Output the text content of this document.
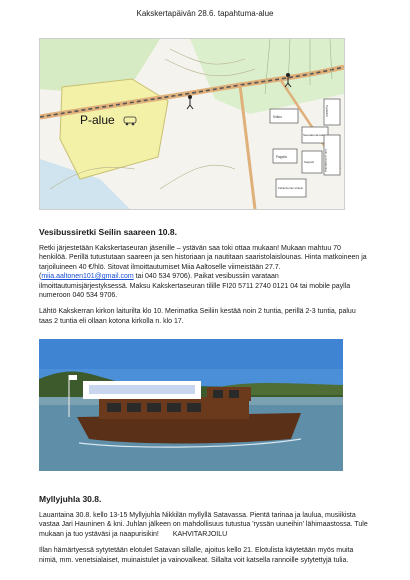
Kakskertapäivän 28.6. tapahtuma-alue
P-alue	Kirkko
Seurakunta-talo
Pappila
Kappeli
Kirkkoherran-virasto
Leiri- ja lomakeskus
Pysäköinti

Vesibussiretki Seilin saareen 10.8.

Retki järjestetään Kakskertaseuran jäsenille – ystävän saa toki ottaa mukaan! Mukaan mahtuu 70 henkilöä. Perillä tutustutaan saareen ja sen historiaan ja nautitaan saaristolaislounas. Hinta matkoineen ja tarjoiluineen 40 €/hlö. Sitovat ilmoittautumiset Miia Aaltoselle viimeistään 27.7. (miia.aaltonen101@gmail.com tai 040 534 9706). Paikat vesibussiin varataan ilmoittautumisjärjestyksessä. Maksu Kakskertaseuran tilille FI20 5711 2740 0121 04 tai mobile paylla numeroon 040 534 9706.

Lähtö Kakskerran kirkon laiturilta klo 10. Merimatka Seiliin kestää noin 2 tuntia, perillä 2-3 tuntia, paluu taas 2 tuntia eli ollaan kotona kirkolla n. klo 17.

Myllyjuhla 30.8.

Lauantaina 30.8. kello 13-15 Myllyjuhla Nikkilän myllyllä Satavassa. Pientä tarinaa ja laulua, musiikista vastaa Jari Hauninen & kni. Juhlan jälkeen on mahdollisuus tutustua 'ryssän uuneihin' lähimaastossa. Tule mukaan ja tuo ystäväsi ja naapurisikin! KAHVITARJOILU

Illan hämärtyessä sytytetään elotulet Satavan sillalle, ajoitus kello 21. Elotulista käytetään myös muita nimiä, mm. venetsialaiset, muinaistulet ja vainovalkeat. Sillalta voit katsella rannoille sytytettyjä tulia.
